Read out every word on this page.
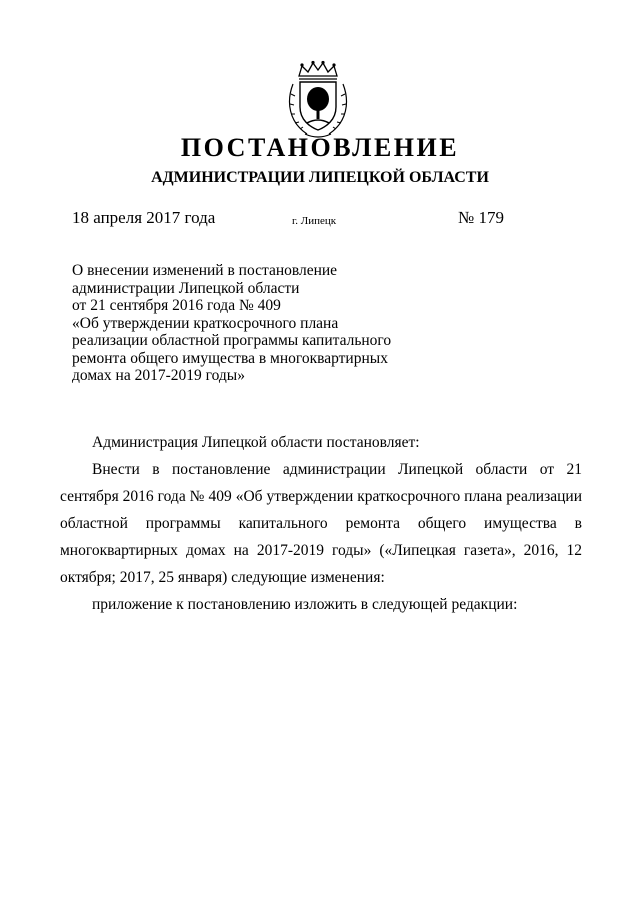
ПОСТАНОВЛЕНИЕ
АДМИНИСТРАЦИИ ЛИПЕЦКОЙ ОБЛАСТИ
18 апреля 2017 года	г. Липецк	№ 179
О внесении изменений в постановление
администрации Липецкой области
от 21 сентября 2016 года № 409
«Об утверждении краткосрочного плана
реализации областной программы капитального
ремонта общего имущества в многоквартирных
домах на 2017-2019 годы»

Администрация Липецкой области постановляет:

Внести в постановление администрации Липецкой области от 21 сентября 2016 года № 409 «Об утверждении краткосрочного плана реализации областной программы капитального ремонта общего имущества в многоквартирных домах на 2017-2019 годы» («Липецкая газета», 2016, 12 октября; 2017, 25 января) следующие изменения:

приложение к постановлению изложить в следующей редакции:
